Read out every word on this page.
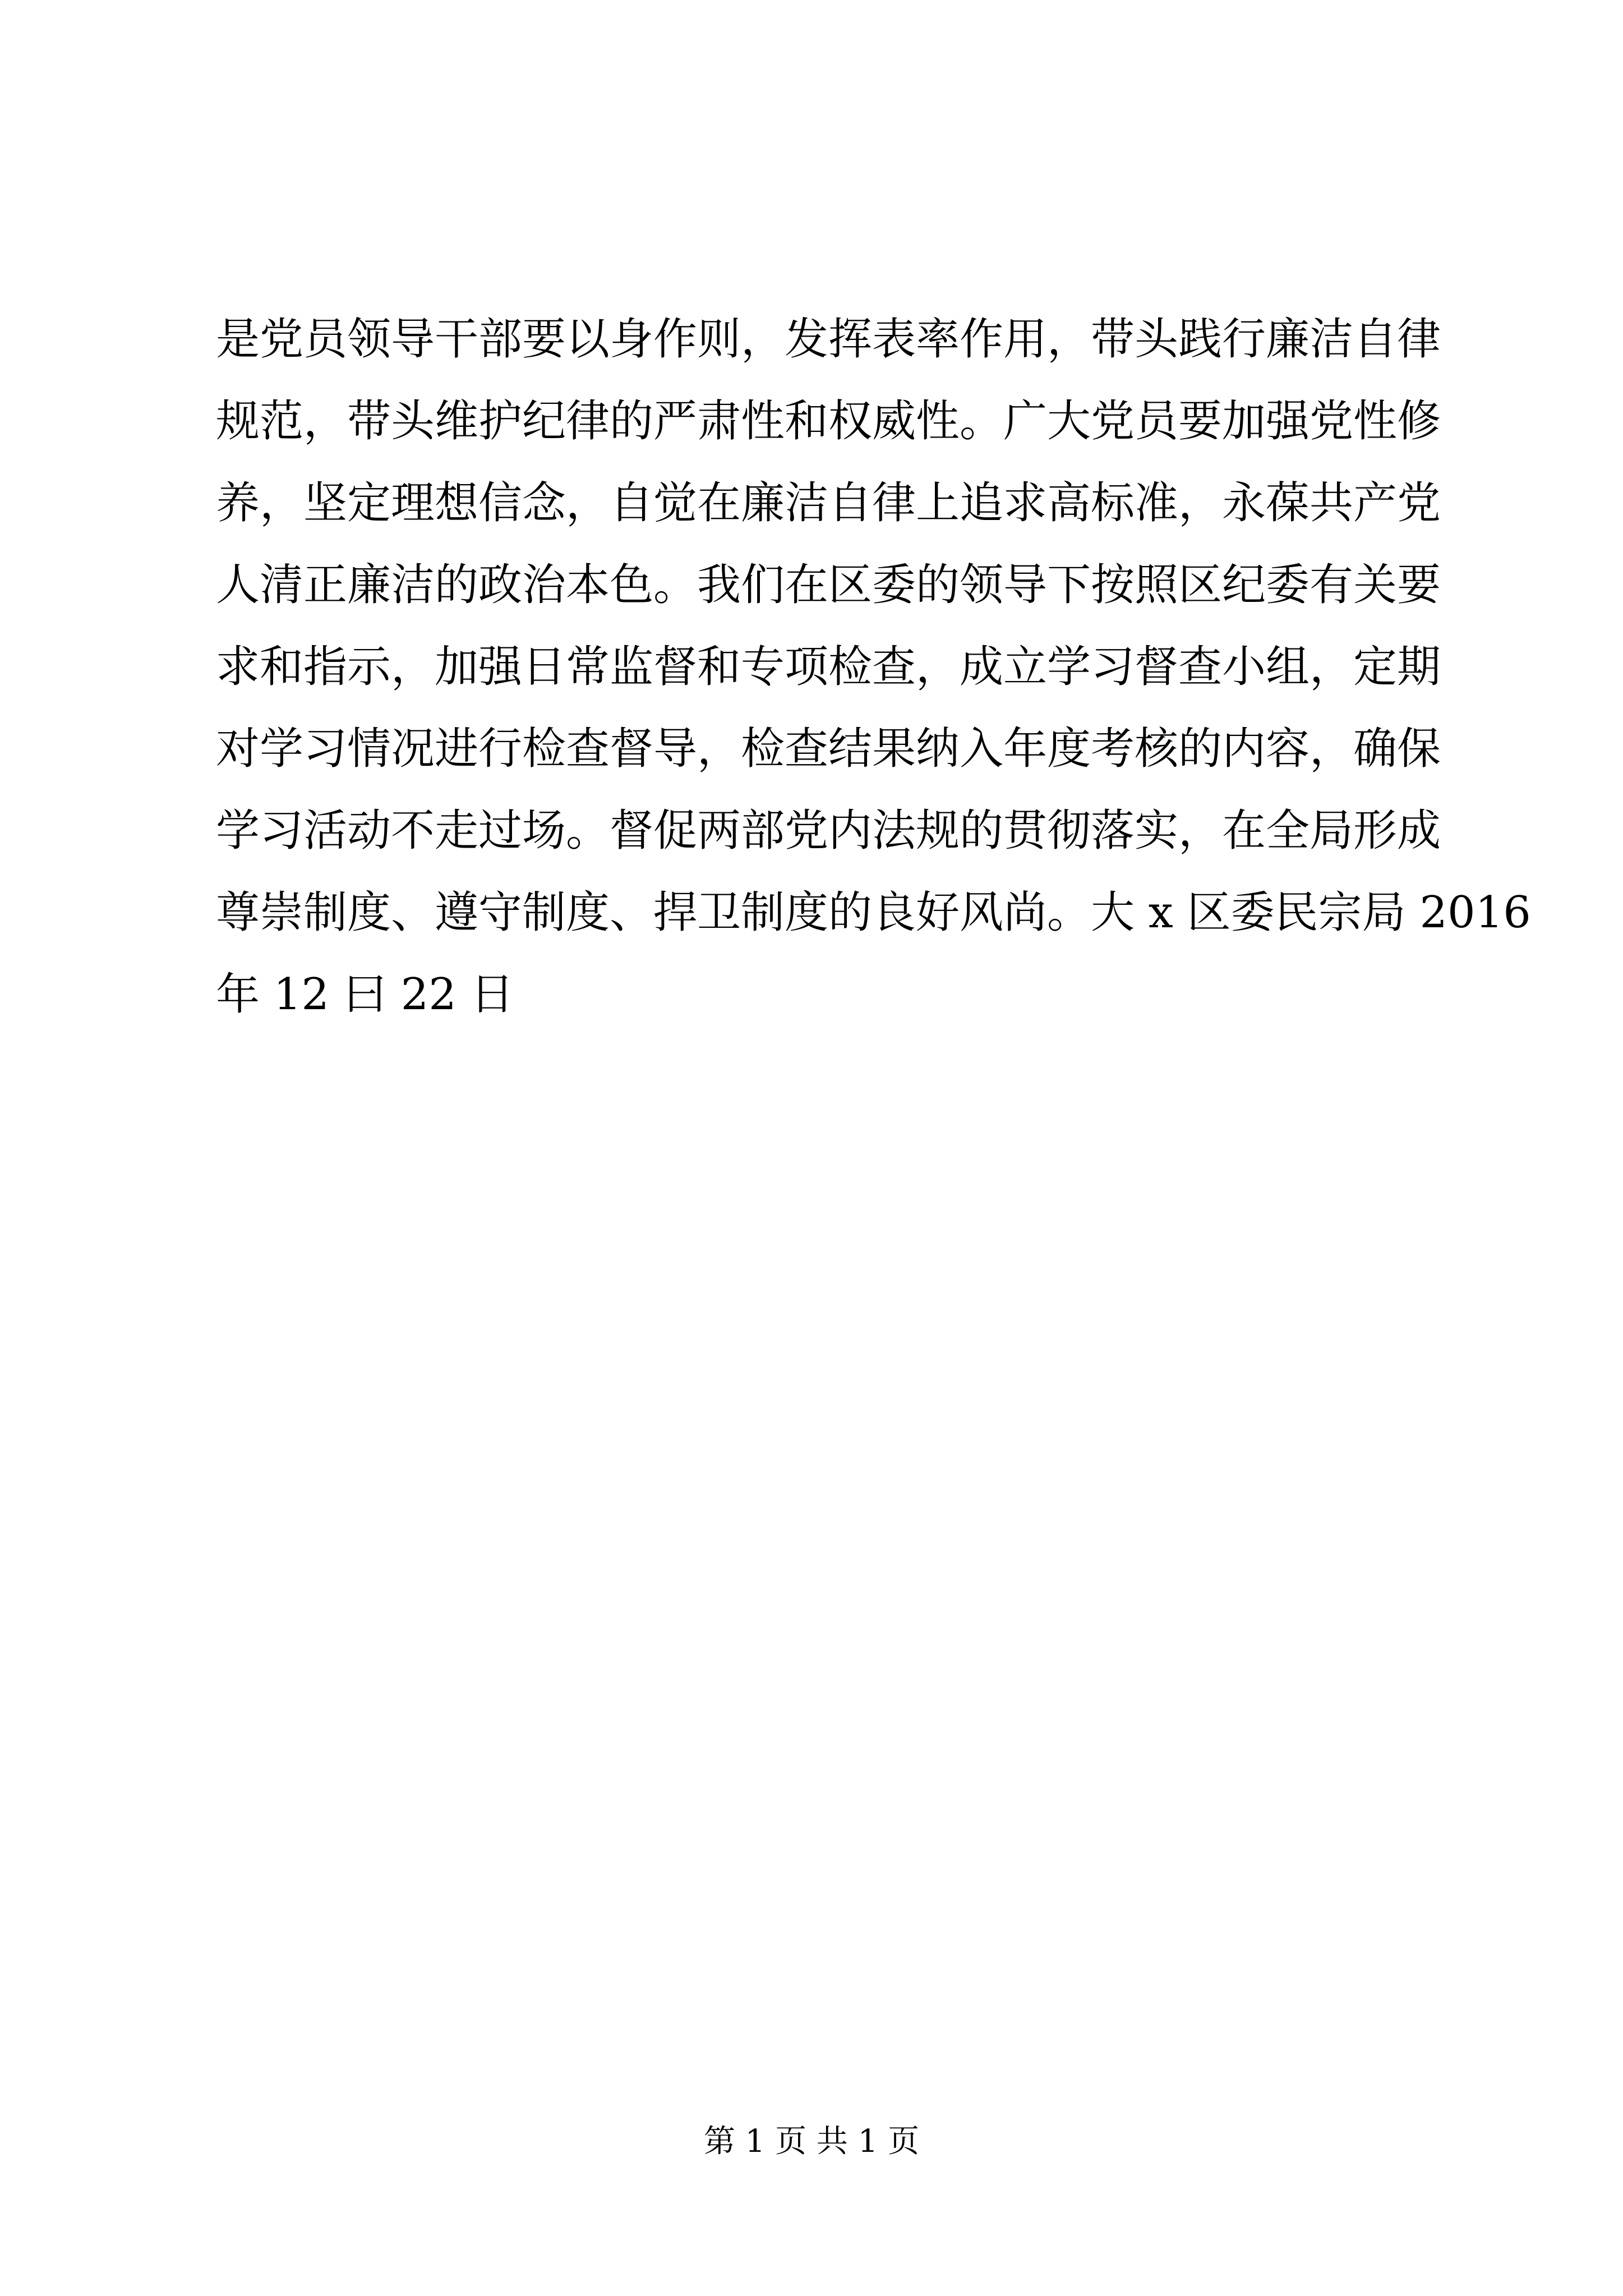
是党员领导干部要以身作则，发挥表率作用，带头践行廉洁自律
规范，带头维护纪律的严肃性和权威性。广大党员要加强党性修
养，坚定理想信念，自觉在廉洁自律上追求高标准，永葆共产党
人清正廉洁的政治本色。我们在区委的领导下按照区纪委有关要
求和指示，加强日常监督和专项检查，成立学习督查小组，定期
对学习情况进行检查督导，检查结果纳入年度考核的内容，确保
学习活动不走过场。督促两部党内法规的贯彻落实，在全局形成
尊崇制度、遵守制度、捍卫制度的良好风尚。大 x 区委民宗局 2016
年 12 曰 22 日
第 1 页 共 1 页
